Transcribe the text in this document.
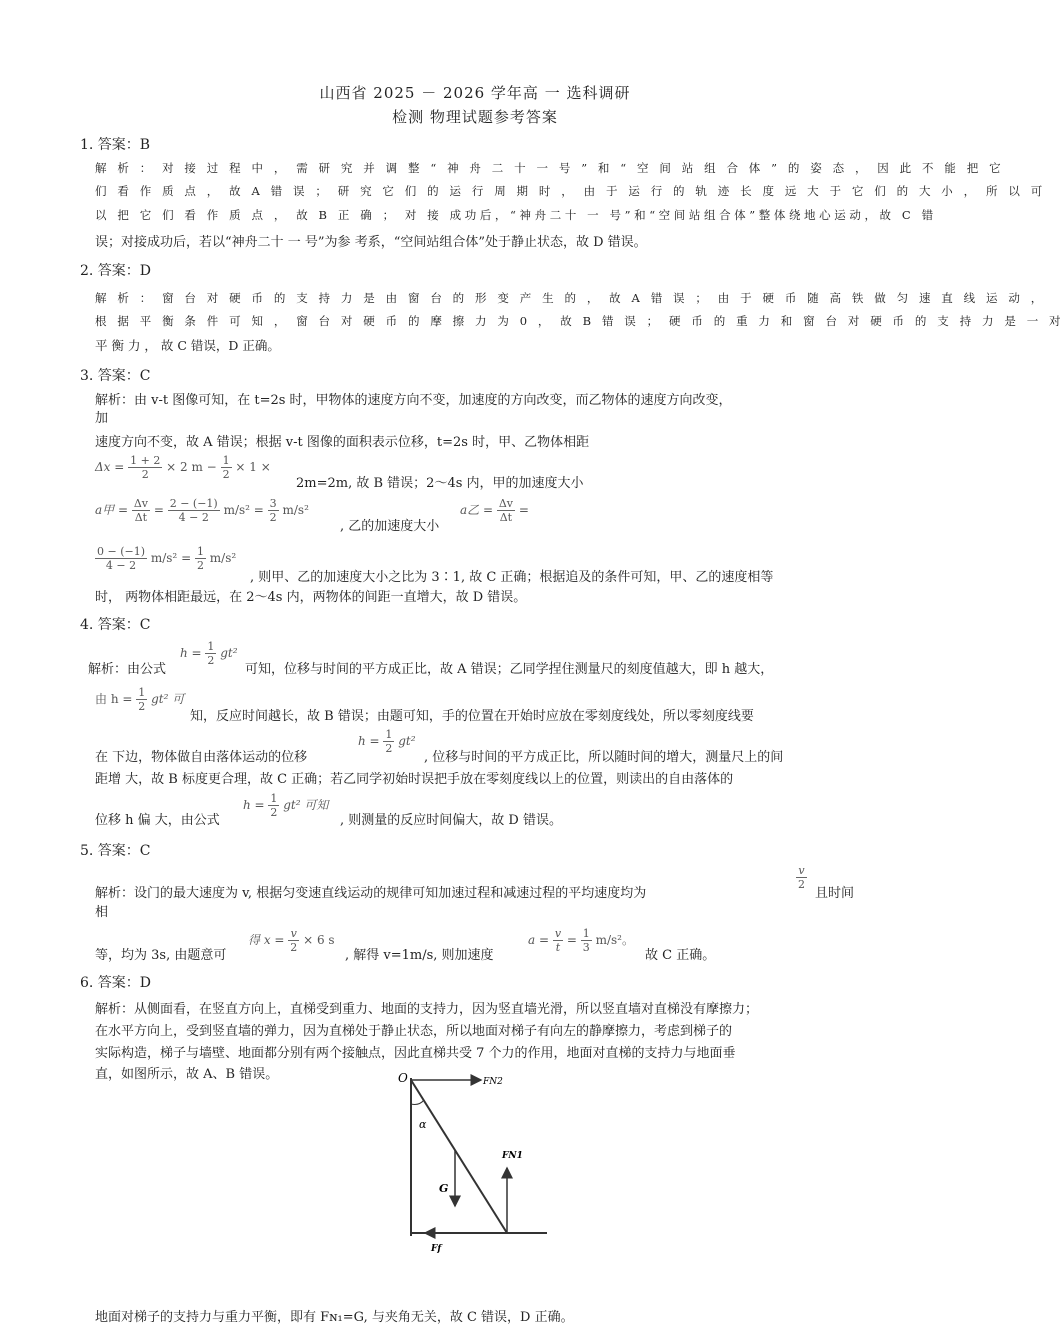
山西省 2025 － 2026 学年高 一 选科调研
检测 物理试题参考答案
1. 答案：B
解 析 ： 对 接 过 程 中 ， 需 研 究 并 调 整 “ 神 舟 二 十 一 号 ” 和 “ 空 间 站 组 合 体 ” 的 姿 态 ， 因 此 不 能 把 它
们 看 作 质 点 ， 故 A 错 误 ； 研 究 它 们 的 运 行 周 期 时 ， 由 于 运 行 的 轨 迹 长 度 远 大 于 它 们 的 大 小 ， 所 以 可
以 把 它 们 看 作 质 点 ， 故 B 正 确 ； 对 接 成功后，“神舟二十 一 号”和“空间站组合体”整体绕地心运动，故 C 错
误；对接成功后，若以“神舟二十 一 号”为参 考系，“空间站组合体”处于静止状态，故 D 错误。
2. 答案：D
解 析 ： 窗 台 对 硬 币 的 支 持 力 是 由 窗 台 的 形 变 产 生 的 ， 故 A 错 误 ； 由 于 硬 币 随 高 铁 做 匀 速 直 线 运 动 ，
根 据 平 衡 条 件 可 知 ， 窗 台 对 硬 币 的 摩 擦 力 为 0 ， 故 B 错 误 ； 硬 币 的 重 力 和 窗 台 对 硬 币 的 支 持 力 是 一 对
平 衡 力 ， 故 C 错误，D 正确。
3. 答案：C
解析：由 v-t 图像可知，在 t=2s 时，甲物体的速度方向不变，加速度的方向改变，而乙物体的速度方向改变，
加
速度方向不变，故 A 错误；根据 v-t 图像的面积表示位移，t=2s 时，甲、乙物体相距
$\Delta x = \frac{1 + 2}{2} \times 2$ $m - \frac{1}{2} \times 1$ ×
2m=2m, 故 B 错误；2～4s 内，甲的加速度大小
a甲 = $\frac{\Delta v}{\Delta t} = \frac{2 - (-1)}{4 - 2} m/s^2 = \frac{3}{2} m/s^2$
, 乙的加速度大小
a乙 = $\frac{\Delta v}{\Delta t}$ =
$\frac{0 - (-1)}{4 - 2} m/s^2 = \frac{1}{2} m/s^2$
, 则甲、乙的加速度大小之比为 3∶1, 故 C 正确；根据追及的条件可知，甲、乙的速度相等
时， 两物体相距最远，在 2～4s 内，两物体的间距一直增大，故 D 错误。
4. 答案：C
解析：由公式
$h = \frac{1}{2} gt^2$
可知，位移与时间的平方成正比，故 A 错误；乙同学捏住测量尺的刻度值越大，即 h 越大，
由 $h = \frac{1}{2} gt^2$ 可
知，反应时间越长，故 B 错误；由题可知，手的位置在开始时应放在零刻度线处，所以零刻度线要
在 下边，物体做自由落体运动的位移
$h = \frac{1}{2} gt^2$
, 位移与时间的平方成正比，所以随时间的增大，测量尺上的间
距增 大，故 B 标度更合理，故 C 正确；若乙同学初始时误把手放在零刻度线以上的位置，则读出的自由落体的
位移 h 偏 大，由公式
$h = \frac{1}{2} gt^2$ 可知
, 则测量的反应时间偏大，故 D 错误。
5. 答案：C
解析：设门的最大速度为 v, 根据匀变速直线运动的规律可知加速过程和减速过程的平均速度均为
$\frac{v}{2}$
且时间
相
等，均为 3s, 由题意可
得 $x = \frac{v}{2} \times 6$ s
, 解得 v=1m/s, 则加速度
$a = \frac{v}{t} = \frac{1}{3} m/s^2$。
故 C 正确。
6. 答案：D
解析：从侧面看，在竖直方向上，直梯受到重力、地面的支持力，因为竖直墙光滑，所以竖直墙对直梯没有摩擦力；
在水平方向上，受到竖直墙的弹力，因为直梯处于静止状态，所以地面对梯子有向左的静摩擦力，考虑到梯子的
实际构造，梯子与墙壁、地面都分别有两个接触点，因此直梯共受 7 个力的作用，地面对直梯的支持力与地面垂
直，如图所示，故 A、B 错误。	O	FN2
α
FN1
G
Ff
地面对梯子的支持力与重力平衡，即有 Fɴ₁=G, 与夹角无关，故 C 错误，D 正确。
